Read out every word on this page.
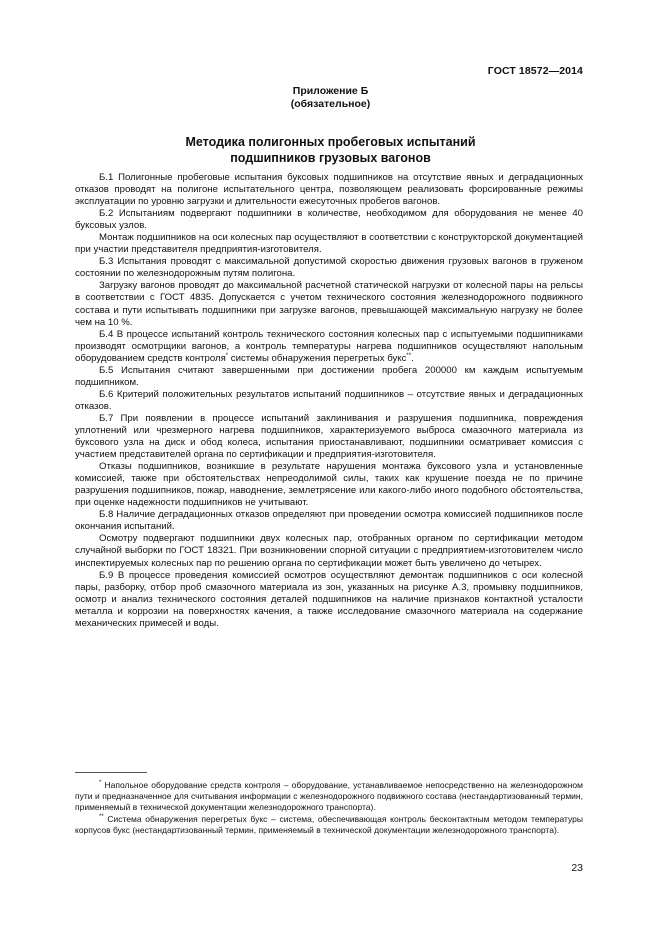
ГОСТ 18572—2014
Приложение Б
(обязательное)
Методика полигонных пробеговых испытаний
подшипников грузовых вагонов

Б.1 Полигонные пробеговые испытания буксовых подшипников на отсутствие явных и деградационных отказов проводят на полигоне испытательного центра, позволяющем реализовать форсированные режимы эксплуатации по уровню загрузки и длительности ежесуточных пробегов вагонов.

Б.2 Испытаниям подвергают подшипники в количестве, необходимом для оборудования не менее 40 буксовых узлов.

Монтаж подшипников на оси колесных пар осуществляют в соответствии с конструкторской документацией при участии представителя предприятия-изготовителя.

Б.3 Испытания проводят с максимальной допустимой скоростью движения грузовых вагонов в груженом состоянии по железнодорожным путям полигона.

Загрузку вагонов проводят до максимальной расчетной статической нагрузки от колесной пары на рельсы в соответствии с ГОСТ 4835. Допускается с учетом технического состояния железнодорожного подвижного состава и пути испытывать подшипники при загрузке вагонов, превышающей максимальную нагрузку не более чем на 10 %.

Б.4 В процессе испытаний контроль технического состояния колесных пар с испытуемыми подшипниками производят осмотрщики вагонов, а контроль температуры нагрева подшипников осуществляют напольным оборудованием средств контроля* системы обнаружения перегретых букс**.

Б.5 Испытания считают завершенными при достижении пробега 200000 км каждым испытуемым подшипником.

Б.6 Критерий положительных результатов испытаний подшипников – отсутствие явных и деградационных отказов.

Б.7 При появлении в процессе испытаний заклинивания и разрушения подшипника, повреждения уплотнений или чрезмерного нагрева подшипников, характеризуемого выбросa смазочного материала из буксового узла на диск и обод колеса, испытания приостанавливают, подшипники осматривает комиссия с участием представителей органа по сертификации и предприятия-изготовителя.

Отказы подшипников, возникшие в результате нарушения монтажа буксового узла и установленные комиссией, также при обстоятельствах непреодолимой силы, таких как крушение поезда не по причине разрушения подшипников, пожар, наводнение, землетрясение или какого-либо иного подобного обстоятельства, при оценке надежности подшипников не учитывают.

Б.8 Наличие деградационных отказов определяют при проведении осмотра комиссией подшипников после окончания испытаний.

Осмотру подвергают подшипники двух колесных пар, отобранных органом по сертификации методом случайной выборки по ГОСТ 18321. При возникновении спорной ситуации с предприятием-изготовителем число инспектируемых колесных пар по решению органа по сертификации может быть увеличено до четырех.

Б.9 В процессе проведения комиссией осмотров осуществляют демонтаж подшипников с оси колесной пары, разборку, отбор проб смазочного материала из зон, указанных на рисунке А.3, промывку подшипников, осмотр и анализ технического состояния деталей подшипников на наличие признаков контактной усталости металла и коррозии на поверхностях качения, а также исследование смазочного материала на содержание механических примесей и воды.

* Напольное оборудование средств контроля – оборудование, устанавливаемое непосредственно на железнодорожном пути и предназначенное для считывания информации с железнодорожного подвижного состава (нестандартизованный термин, применяемый в технической документации железнодорожного транспорта).

** Система обнаружения перегретых букс – система, обеспечивающая контроль бесконтактным методом температуры корпусов букс (нестандартизованный термин, применяемый в технической документации железнодорожного транспорта).

23
